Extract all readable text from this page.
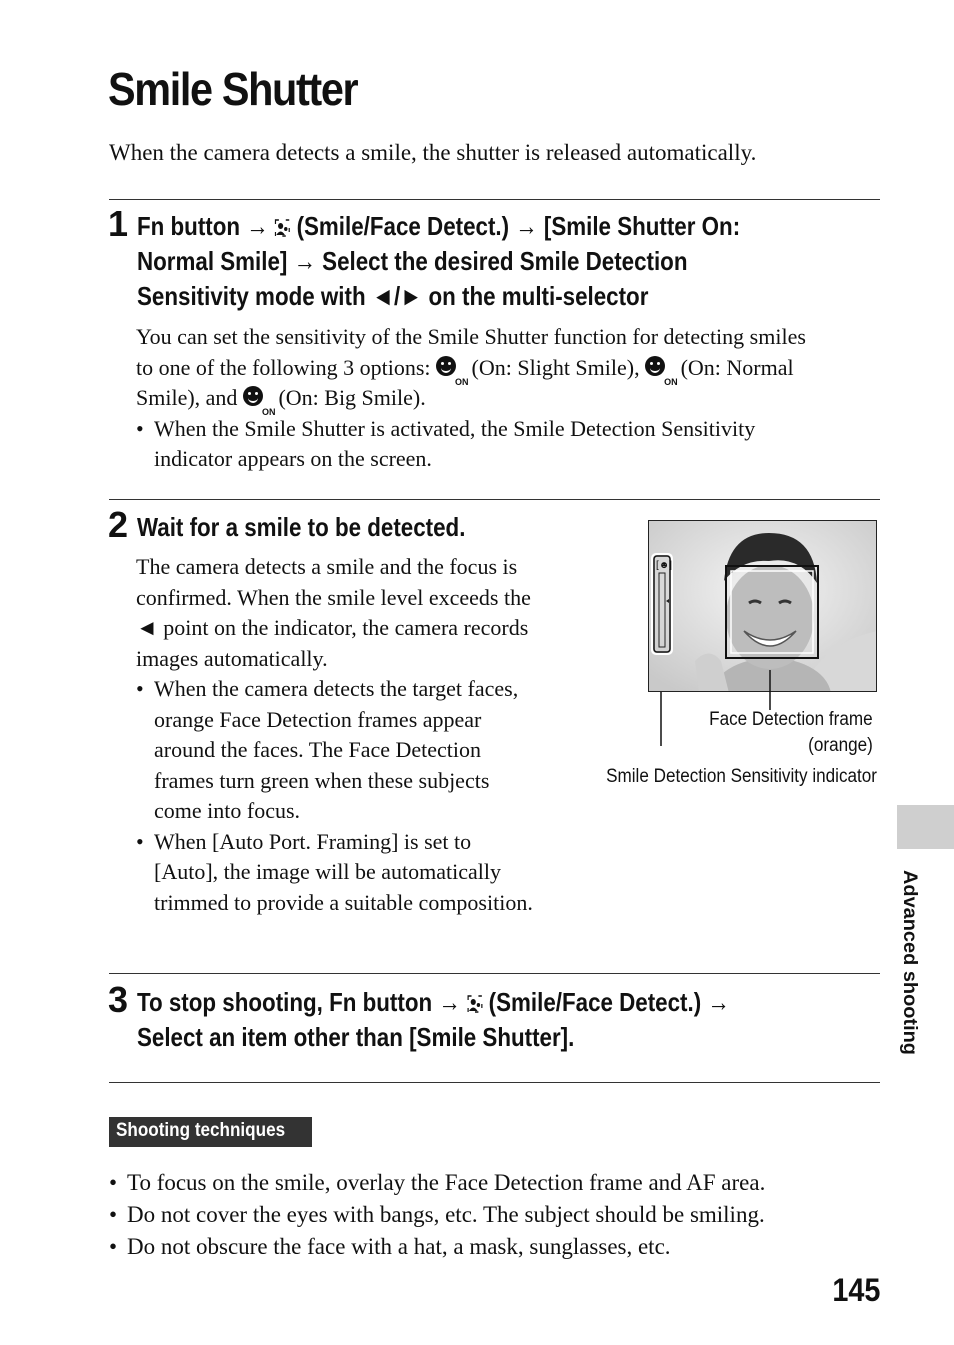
Smile Shutter
When the camera detects a smile, the shutter is released automatically.
1 Fn button → (Smile/Face Detect.) → [Smile Shutter On:
Normal Smile] → Select the desired Smile Detection
Sensitivity mode with ◄/► on the multi-selector
You can set the sensitivity of the Smile Shutter function for detecting smiles
to one of the following 3 options:
ON
(On: Slight Smile),
ON
(On: Normal
Smile), and
ON
(On: Big Smile).
• When the Smile Shutter is activated, the Smile Detection Sensitivity indicator appears on the screen.
2 Wait for a smile to be detected.
The camera detects a smile and the focus is confirmed. When the smile level exceeds the ◄ point on the indicator, the camera records images automatically.
• When the camera detects the target faces, orange Face Detection frames appear around the faces. The Face Detection frames turn green when these subjects come into focus.
• When [Auto Port. Framing] is set to [Auto], the image will be automatically trimmed to provide a suitable composition.
[☻]
Face Detection frame
(orange)
Smile Detection Sensitivity indicator
3 To stop shooting, Fn button → (Smile/Face Detect.) →
Select an item other than [Smile Shutter].
Shooting techniques
• To focus on the smile, overlay the Face Detection frame and AF area.
• Do not cover the eyes with bangs, etc. The subject should be smiling.
• Do not obscure the face with a hat, a mask, sunglasses, etc.
Advanced shooting
145
